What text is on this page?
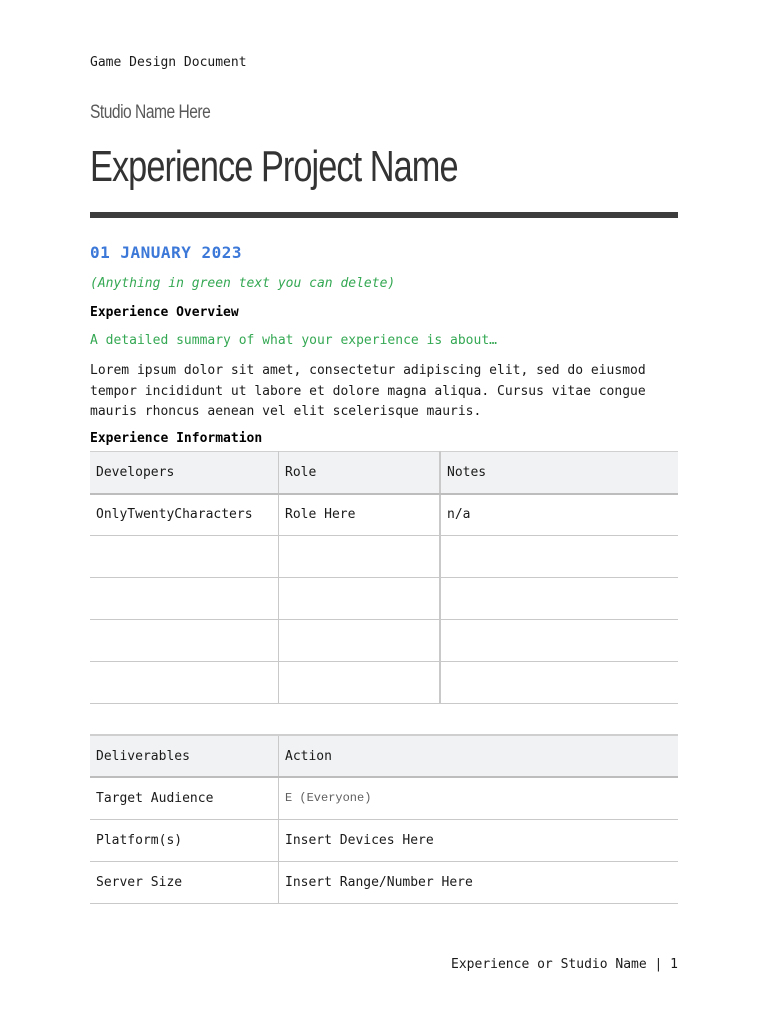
Game Design Document
Studio Name Here
Experience Project Name
01 JANUARY 2023
(Anything in green text you can delete)
Experience Overview
A detailed summary of what your experience is about…
Lorem ipsum dolor sit amet, consectetur adipiscing elit, sed do eiusmod tempor incididunt ut labore et dolore magna aliqua. Cursus vitae congue mauris rhoncus aenean vel elit scelerisque mauris.
Experience Information
Developers	Role	Notes
OnlyTwentyCharacters	Role Here	n/a

Deliverables	Action
Target Audience	E (Everyone)
Platform(s)	Insert Devices Here
Server Size	Insert Range/Number Here
Experience or Studio Name | 1
